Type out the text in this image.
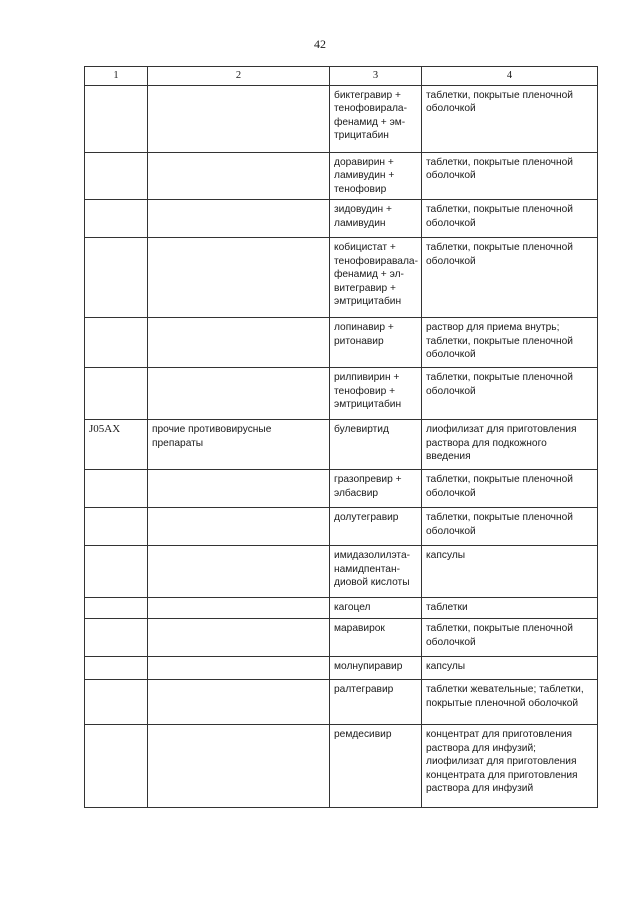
42
1	2	3	4
		биктегравир + тенофовирала-фенамид + эм-трицитабин	таблетки, покрытые пленочной оболочкой
		доравирин + ламивудин + тенофовир	таблетки, покрытые пленочной оболочкой
		зидовудин + ламивудин	таблетки, покрытые пленочной оболочкой
		кобицистат + тенофовиравала-фенамид + эл-витегравир + эмтрицитабин	таблетки, покрытые пленочной оболочкой
		лопинавир + ритонавир	раствор для приема внутрь; таблетки, покрытые пленочной оболочкой
		рилпивирин + тенофовир + эмтрицитабин	таблетки, покрытые пленочной оболочкой
J05AX	прочие противовирусные препараты	булевиртид	лиофилизат для приготовления раствора для подкожного введения
		гразопревир + элбасвир	таблетки, покрытые пленочной оболочкой
		долутегравир	таблетки, покрытые пленочной оболочкой
		имидазолилэта-намидпентан-диовой кислоты	капсулы
		кагоцел	таблетки
		маравирок	таблетки, покрытые пленочной оболочкой
		молнупиравир	капсулы
		ралтегравир	таблетки жевательные; таблетки, покрытые пленочной оболочкой
		ремдесивир	концентрат для приготовления раствора для инфузий; лиофилизат для приготовления концентрата для приготовления раствора для инфузий
